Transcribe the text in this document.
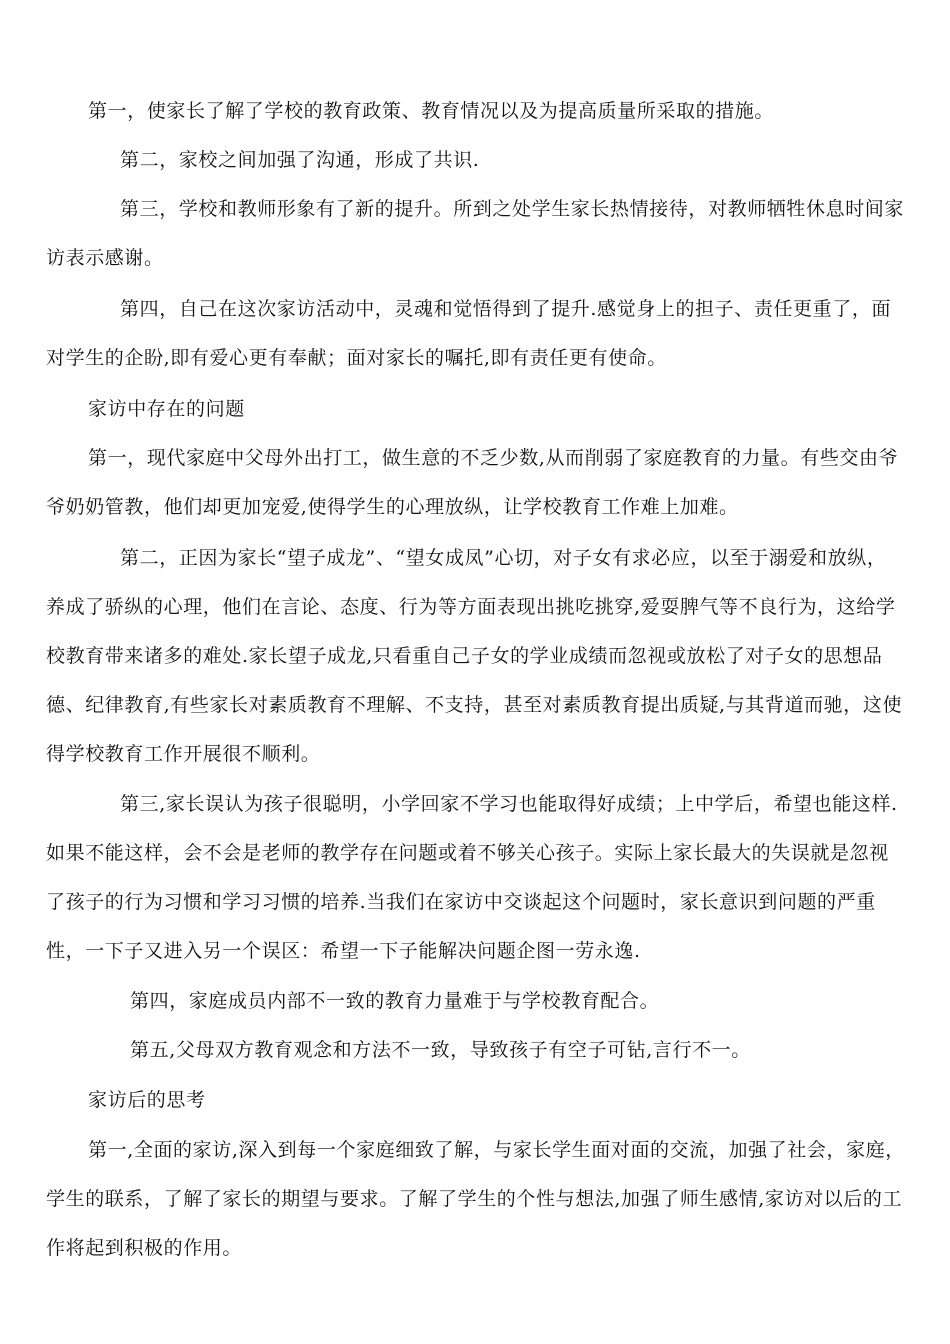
第一，使家长了解了学校的教育政策、教育情况以及为提高质量所采取的措施。

第二，家校之间加强了沟通，形成了共识.

第三，学校和教师形象有了新的提升。所到之处学生家长热情接待，对教师牺牲休息时间家访表示感谢。

第四，自己在这次家访活动中，灵魂和觉悟得到了提升.感觉身上的担子、责任更重了，面对学生的企盼,即有爱心更有奉献；面对家长的嘱托,即有责任更有使命。

家访中存在的问题

第一，现代家庭中父母外出打工，做生意的不乏少数,从而削弱了家庭教育的力量。有些交由爷爷奶奶管教，他们却更加宠爱,使得学生的心理放纵，让学校教育工作难上加难。

第二，正因为家长“望子成龙”、“望女成凤”心切，对子女有求必应，以至于溺爱和放纵，养成了骄纵的心理，他们在言论、态度、行为等方面表现出挑吃挑穿,爱耍脾气等不良行为，这给学校教育带来诸多的难处.家长望子成龙,只看重自己子女的学业成绩而忽视或放松了对子女的思想品德、纪律教育,有些家长对素质教育不理解、不支持，甚至对素质教育提出质疑,与其背道而驰，这使得学校教育工作开展很不顺利。

第三,家长误认为孩子很聪明，小学回家不学习也能取得好成绩；上中学后，希望也能这样.如果不能这样，会不会是老师的教学存在问题或着不够关心孩子。实际上家长最大的失误就是忽视了孩子的行为习惯和学习习惯的培养.当我们在家访中交谈起这个问题时，家长意识到问题的严重性，一下子又进入另一个误区：希望一下子能解决问题企图一劳永逸.

第四，家庭成员内部不一致的教育力量难于与学校教育配合。

第五,父母双方教育观念和方法不一致，导致孩子有空子可钻,言行不一。

家访后的思考

第一,全面的家访,深入到每一个家庭细致了解，与家长学生面对面的交流，加强了社会，家庭，学生的联系，了解了家长的期望与要求。了解了学生的个性与想法,加强了师生感情,家访对以后的工作将起到积极的作用。
